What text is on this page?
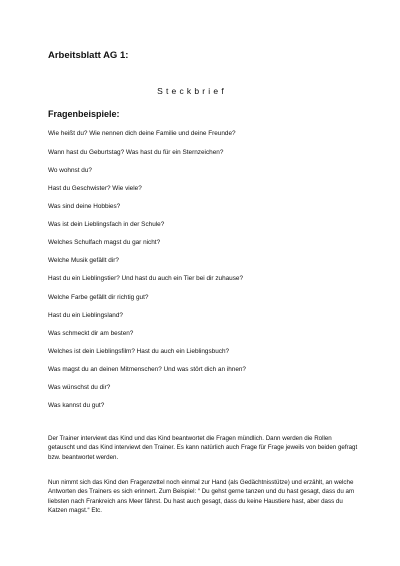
Arbeitsblatt AG 1:
Steckbrief
Fragenbeispiele:
Wie heißt du? Wie nennen dich deine Familie und deine Freunde?
Wann hast du Geburtstag? Was hast du für ein Sternzeichen?
Wo wohnst du?
Hast du Geschwister? Wie viele?
Was sind deine Hobbies?
Was ist dein Lieblingsfach in der Schule?
Welches Schulfach magst du gar nicht?
Welche Musik gefällt dir?
Hast du ein Lieblingstier? Und hast du auch ein Tier bei dir zuhause?
Welche Farbe gefällt dir richtig gut?
Hast du ein Lieblingsland?
Was schmeckt dir am besten?
Welches ist dein Lieblingsfilm? Hast du auch ein Lieblingsbuch?
Was magst du an deinen Mitmenschen? Und was stört dich an ihnen?
Was wünschst du dir?
Was kannst du gut?
Der Trainer interviewt das Kind und das Kind beantwortet die Fragen mündlich. Dann werden die Rollen getauscht und das Kind interviewt den Trainer. Es kann natürlich auch Frage für Frage jeweils von beiden gefragt bzw. beantwortet werden.
Nun nimmt sich das Kind den Fragenzettel noch einmal zur Hand (als Gedächtnisstütze) und erzählt, an welche Antworten des Trainers es sich erinnert. Zum Beispiel: “ Du gehst gerne tanzen und du hast gesagt, dass du am liebsten nach Frankreich ans Meer fährst. Du hast auch gesagt, dass du keine Haustiere hast, aber dass du Katzen magst.“ Etc.
